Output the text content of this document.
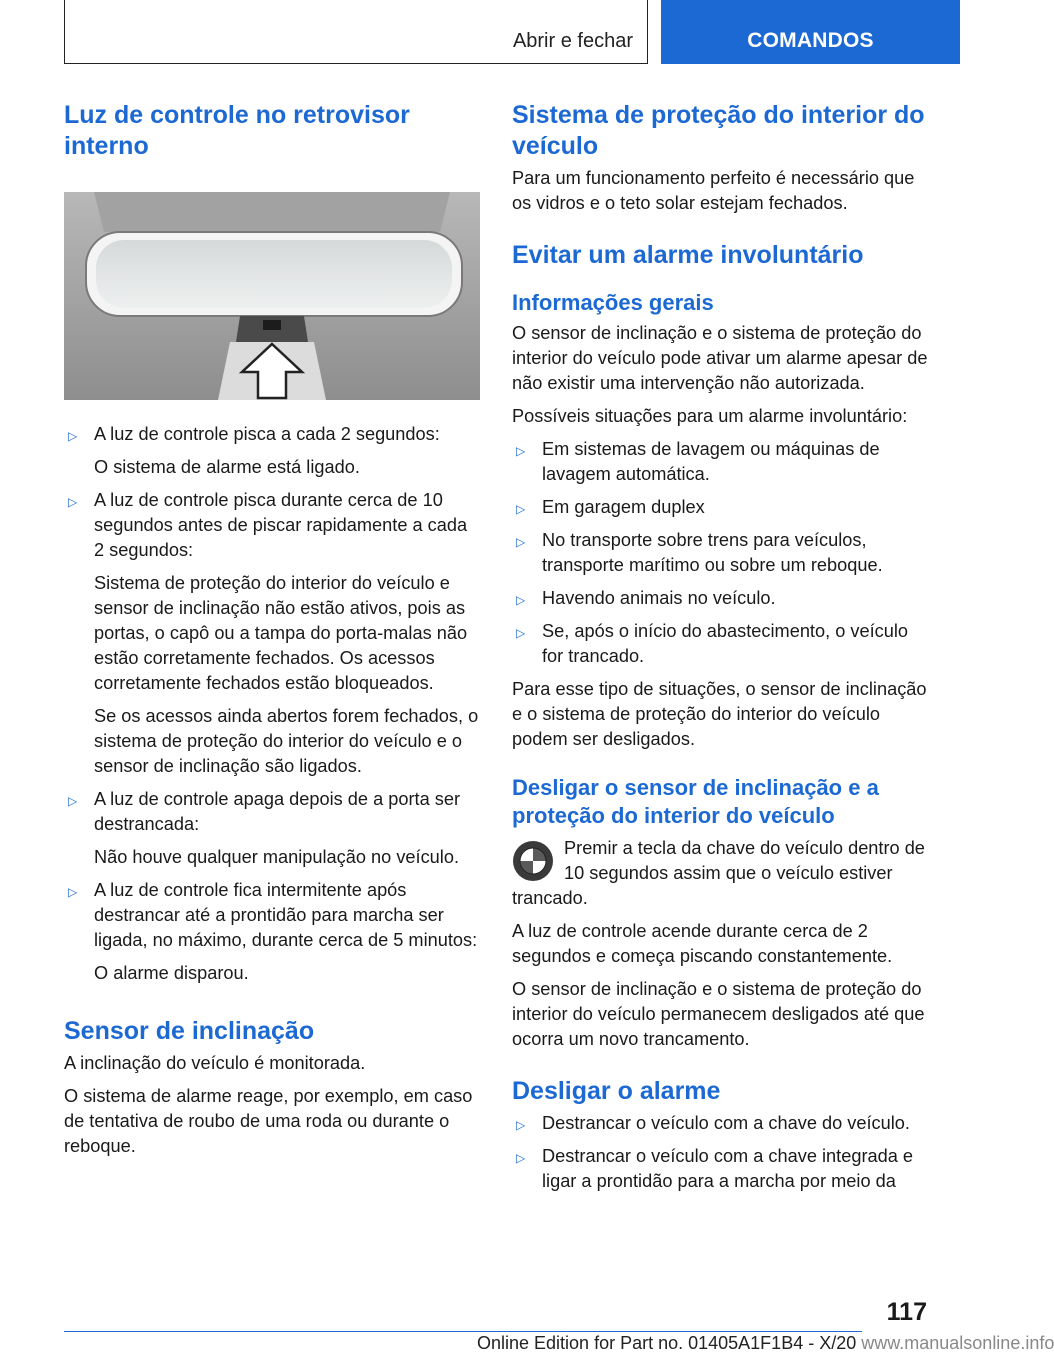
Abrir e fechar	COMANDOS
Luz de controle no retrovisor interno
▷ A luz de controle pisca a cada 2 segundos:

O sistema de alarme está ligado.

▷ A luz de controle pisca durante cerca de 10 segundos antes de piscar rapidamente a cada 2 segundos:

Sistema de proteção do interior do veículo e sensor de inclinação não estão ativos, pois as portas, o capô ou a tampa do porta-malas não estão corretamente fechados. Os acessos corretamente fechados estão bloqueados.

Se os acessos ainda abertos forem fechados, o sistema de proteção do interior do veículo e o sensor de inclinação são ligados.

▷ A luz de controle apaga depois de a porta ser destrancada:

Não houve qualquer manipulação no veículo.

▷ A luz de controle fica intermitente após destrancar até a prontidão para marcha ser ligada, no máximo, durante cerca de 5 minutos:

O alarme disparou.

Sensor de inclinação

A inclinação do veículo é monitorada.

O sistema de alarme reage, por exemplo, em caso de tentativa de roubo de uma roda ou durante o reboque.

Sistema de proteção do interior do veículo

Para um funcionamento perfeito é necessário que os vidros e o teto solar estejam fechados.

Evitar um alarme involuntário
Informações gerais

O sensor de inclinação e o sistema de proteção do interior do veículo pode ativar um alarme apesar de não existir uma intervenção não autorizada.

Possíveis situações para um alarme involuntário:

▷ Em sistemas de lavagem ou máquinas de lavagem automática.
▷ Em garagem duplex
▷ No transporte sobre trens para veículos, transporte marítimo ou sobre um reboque.
▷ Havendo animais no veículo.
▷ Se, após o início do abastecimento, o veículo for trancado.

Para esse tipo de situações, o sensor de inclinação e o sistema de proteção do interior do veículo podem ser desligados.

Desligar o sensor de inclinação e a proteção do interior do veículo

Premir a tecla da chave do veículo dentro de 10 segundos assim que o veículo estiver trancado.

A luz de controle acende durante cerca de 2 segundos e começa piscando constantemente.

O sensor de inclinação e o sistema de proteção do interior do veículo permanecem desligados até que ocorra um novo trancamento.

Desligar o alarme
▷ Destrancar o veículo com a chave do veículo.
▷ Destrancar o veículo com a chave integrada e ligar a prontidão para a marcha por meio da
117
Online Edition for Part no. 01405A1F1B4 - X/20 www.manualsonline.info
